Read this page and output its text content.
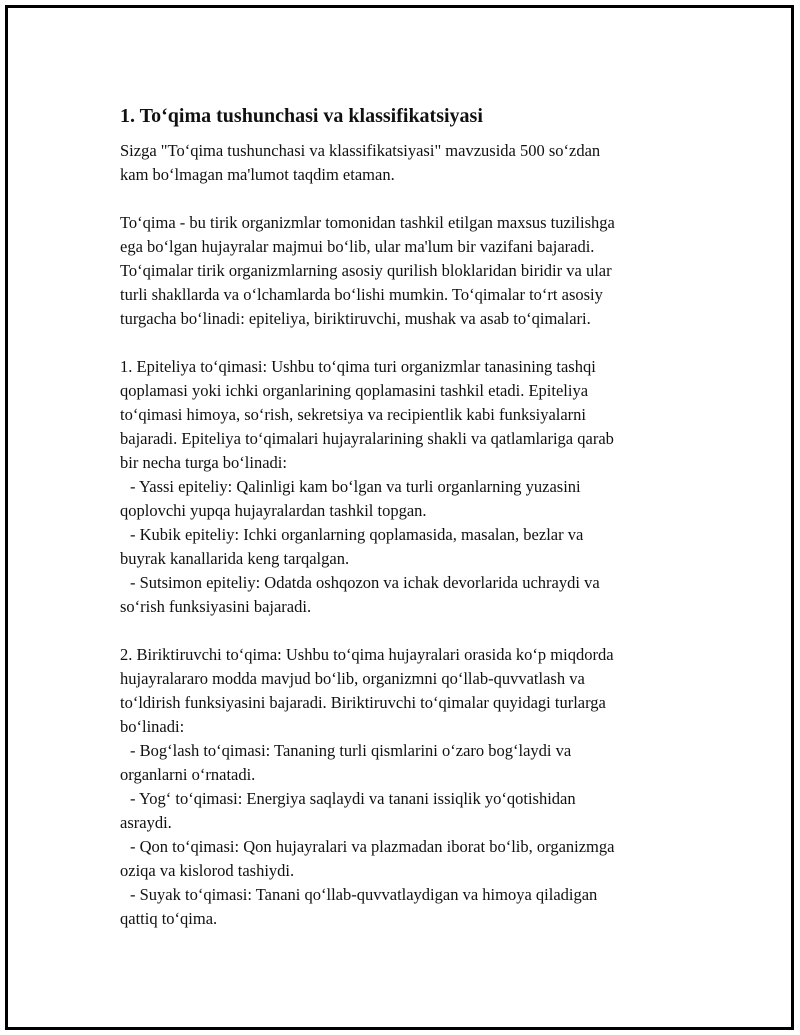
1. To‘qima tushunchasi va klassifikatsiyasi

Sizga "To‘qima tushunchasi va klassifikatsiyasi" mavzusida 500 so‘zdan
kam bo‘lmagan ma'lumot taqdim etaman.

To‘qima - bu tirik organizmlar tomonidan tashkil etilgan maxsus tuzilishga
ega bo‘lgan hujayralar majmui bo‘lib, ular ma'lum bir vazifani bajaradi.
To‘qimalar tirik organizmlarning asosiy qurilish bloklaridan biridir va ular
turli shakllarda va o‘lchamlarda bo‘lishi mumkin. To‘qimalar to‘rt asosiy
turgacha bo‘linadi: epiteliya, biriktiruvchi, mushak va asab to‘qimalari.

1. Epiteliya to‘qimasi: Ushbu to‘qima turi organizmlar tanasining tashqi
qoplamasi yoki ichki organlarining qoplamasini tashkil etadi. Epiteliya
to‘qimasi himoya, so‘rish, sekretsiya va recipientlik kabi funksiyalarni
bajaradi. Epiteliya to‘qimalari hujayralarining shakli va qatlamlariga qarab
bir necha turga bo‘linadi:
- Yassi epiteliy: Qalinligi kam bo‘lgan va turli organlarning yuzasini
qoplovchi yupqa hujayralardan tashkil topgan.
- Kubik epiteliy: Ichki organlarning qoplamasida, masalan, bezlar va
buyrak kanallarida keng tarqalgan.
- Sutsimon epiteliy: Odatda oshqozon va ichak devorlarida uchraydi va
so‘rish funksiyasini bajaradi.

2. Biriktiruvchi to‘qima: Ushbu to‘qima hujayralari orasida ko‘p miqdorda
hujayralararo modda mavjud bo‘lib, organizmni qo‘llab-quvvatlash va
to‘ldirish funksiyasini bajaradi. Biriktiruvchi to‘qimalar quyidagi turlarga
bo‘linadi:
- Bog‘lash to‘qimasi: Tananing turli qismlarini o‘zaro bog‘laydi va
organlarni o‘rnatadi.
- Yog‘ to‘qimasi: Energiya saqlaydi va tanani issiqlik yo‘qotishidan
asraydi.
- Qon to‘qimasi: Qon hujayralari va plazmadan iborat bo‘lib, organizmga
oziqa va kislorod tashiydi.
- Suyak to‘qimasi: Tanani qo‘llab-quvvatlaydigan va himoya qiladigan
qattiq to‘qima.
